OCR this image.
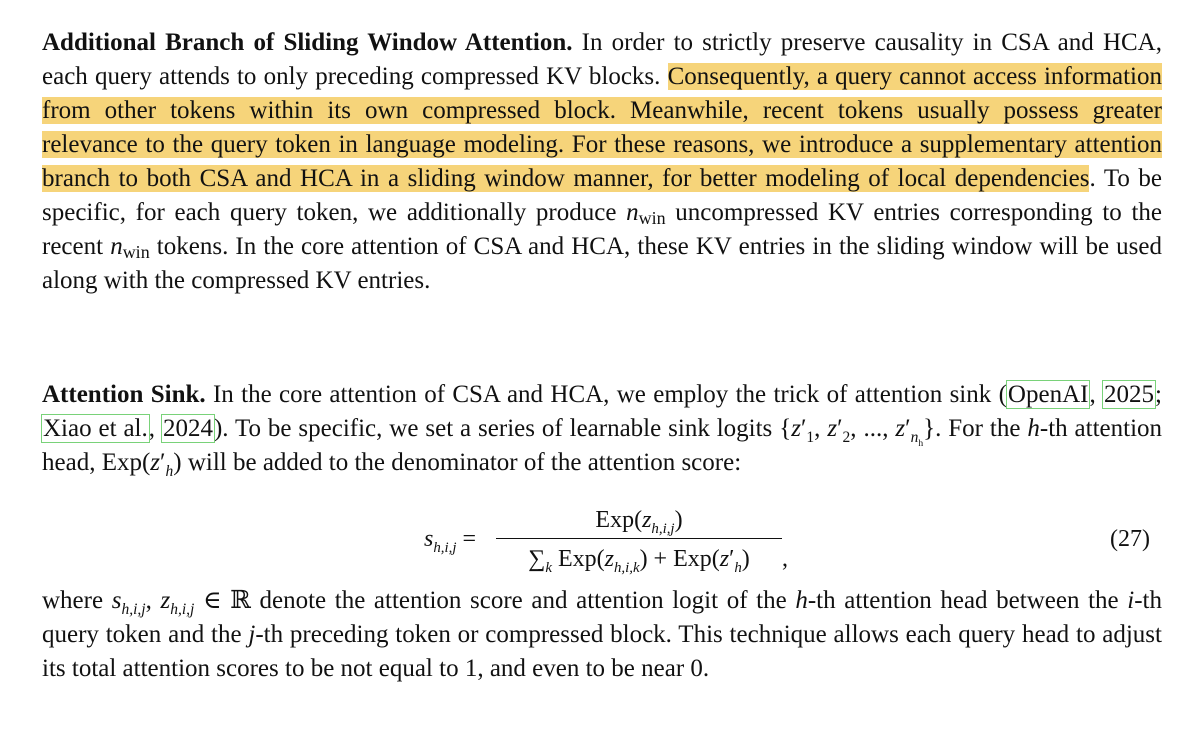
Additional Branch of Sliding Window Attention. In order to strictly preserve causality in CSA and HCA, each query attends to only preceding compressed KV blocks. Consequently, a query cannot access information from other tokens within its own compressed block. Meanwhile, recent tokens usually possess greater relevance to the query token in language modeling. For these reasons, we introduce a supplementary attention branch to both CSA and HCA in a sliding window manner, for better modeling of local dependencies. To be specific, for each query token, we additionally produce nwin uncompressed KV entries corresponding to the recent nwin tokens. In the core attention of CSA and HCA, these KV entries in the sliding window will be used along with the compressed KV entries.
Attention Sink. In the core attention of CSA and HCA, we employ the trick of attention sink (OpenAI, 2025; Xiao et al., 2024). To be specific, we set a series of learnable sink logits {$z'_1$, $z'_2$, ..., $z'_{n_h}$}. For the h-th attention head, $Exp(z'_h)$ will be added to the denominator of the attention score:
$s_{h,i,j}$ =
$Exp(z_{h,i,j})$
$\sum_k$ $Exp(z_{h,i,k}) + Exp(z'_h)$	,
(27)
where $s_{h,i,j}$, $z_{h,i,j}$ ∈ ℝ denote the attention score and attention logit of the h-th attention head between the i-th query token and the j-th preceding token or compressed block. This technique allows each query head to adjust its total attention scores to be not equal to 1, and even to be near 0.
